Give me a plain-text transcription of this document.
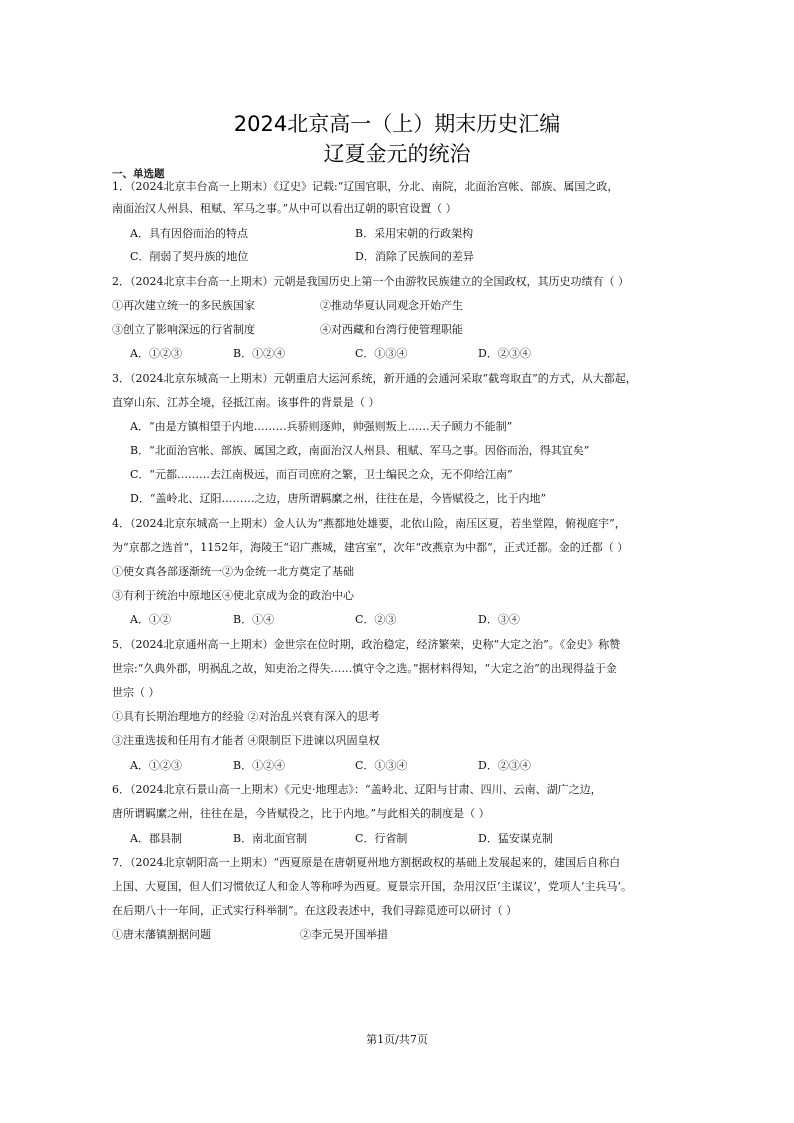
2024北京高一（上）期末历史汇编
辽夏金元的统治
一、单选题
1．（2024北京丰台高一上期末）《辽史》记载:“辽国官职，分北、南院，北面治宫帐、部族、属国之政，
南面治汉人州县、租赋、军马之事。”从中可以看出辽朝的职官设置（ ）
A．具有因俗而治的特点	B．采用宋朝的行政架构
C．削弱了契丹族的地位	D．消除了民族间的差异
2．（2024北京丰台高一上期末）元朝是我国历史上第一个由游牧民族建立的全国政权，其历史功绩有（ ）
①再次建立统一的多民族国家	②推动华夏认同观念开始产生
③创立了影响深远的行省制度	④对西藏和台湾行使管理职能
A．①②③	B．①②④	C．①③④	D．②③④
3．（2024北京东城高一上期末）元朝重启大运河系统，新开通的会通河采取“截弯取直”的方式，从大都起，
直穿山东、江苏全境，径抵江南。该事件的背景是（ ）
A．“由是方镇相望于内地………兵骄则逐帅，帅强则叛上……天子顾力不能制”
B．“北面治宫帐、部族、属国之政，南面治汉人州县、租赋、军马之事。因俗而治，得其宜矣”
C．“元都………去江南极远，而百司庶府之繁，卫士编民之众，无不仰给江南”
D．“盖岭北、辽阳………之边，唐所谓羁縻之州，往往在是，今皆赋役之，比于内地”
4．（2024北京东城高一上期末）金人认为“燕都地处雄要，北依山险，南压区夏，若坐堂隍，俯视庭宇”，
为“京都之选首”，1152年，海陵王“诏广燕城，建宫室”，次年“改燕京为中都”，正式迁都。金的迁都（ ）
①使女真各部逐渐统一②为金统一北方奠定了基础
③有利于统治中原地区④使北京成为金的政治中心
A．①②	B．①④	C．②③	D．③④
5．（2024北京通州高一上期末）金世宗在位时期，政治稳定，经济繁荣，史称“大定之治”。《金史》称赞
世宗:“久典外郡，明祸乱之故，知吏治之得失……慎守令之选。”据材料得知，“大定之治”的出现得益于金
世宗（ ）
①具有长期治理地方的经验 ②对治乱兴衰有深入的思考
③注重选拔和任用有才能者 ④限制臣下进谏以巩固皇权
A．①②③	B．①②④	C．①③④	D．②③④
6．（2024北京石景山高一上期末）《元史·地理志》：“盖岭北、辽阳与甘肃、四川、云南、湖广之边，
唐所谓羁縻之州，往往在是，今皆赋役之，比于内地。”与此相关的制度是（ ）
A．郡县制	B．南北面官制	C．行省制	D．猛安谋克制
7．（2024北京朝阳高一上期末）“西夏原是在唐朝夏州地方割据政权的基础上发展起来的，建国后自称白
上国、大夏国，但人们习惯依辽人和金人等称呼为西夏。夏景宗开国，杂用汉臣‘主谋议’，党项人‘主兵马’。
在后期八十一年间，正式实行科举制”。在这段表述中，我们寻踪觅迹可以研讨（ ）
①唐末藩镇割据问题	②李元昊开国举措
第1页/共7页
